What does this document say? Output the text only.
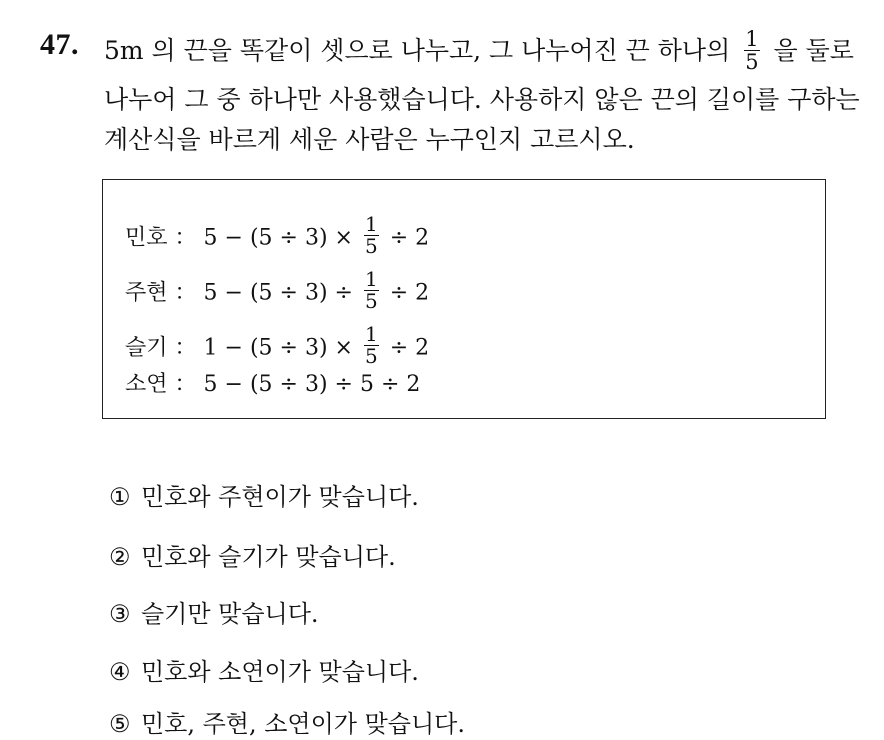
47. 5m 의 끈을 똑같이 셋으로 나누고, 그 나누어진 끈 하나의 $\frac{1}{5}$ 을 둘로
나누어 그 중 하나만 사용했습니다. 사용하지 않은 끈의 길이를 구하는
계산식을 바르게 세운 사람은 누구인지 고르시오.
민호 ： $5 - (5 \div 3) \times \frac{1}{5} \div 2$
주현 ： $5 - (5 \div 3) \div \frac{1}{5} \div 2$
슬기 ： $1 - (5 \div 3) \times \frac{1}{5} \div 2$
소연 ： 5 − (5 ÷ 3) ÷ 5 ÷ 2
① 민호와 주현이가 맞습니다.
② 민호와 슬기가 맞습니다.
③ 슬기만 맞습니다.
④ 민호와 소연이가 맞습니다.
⑤ 민호, 주현, 소연이가 맞습니다.
